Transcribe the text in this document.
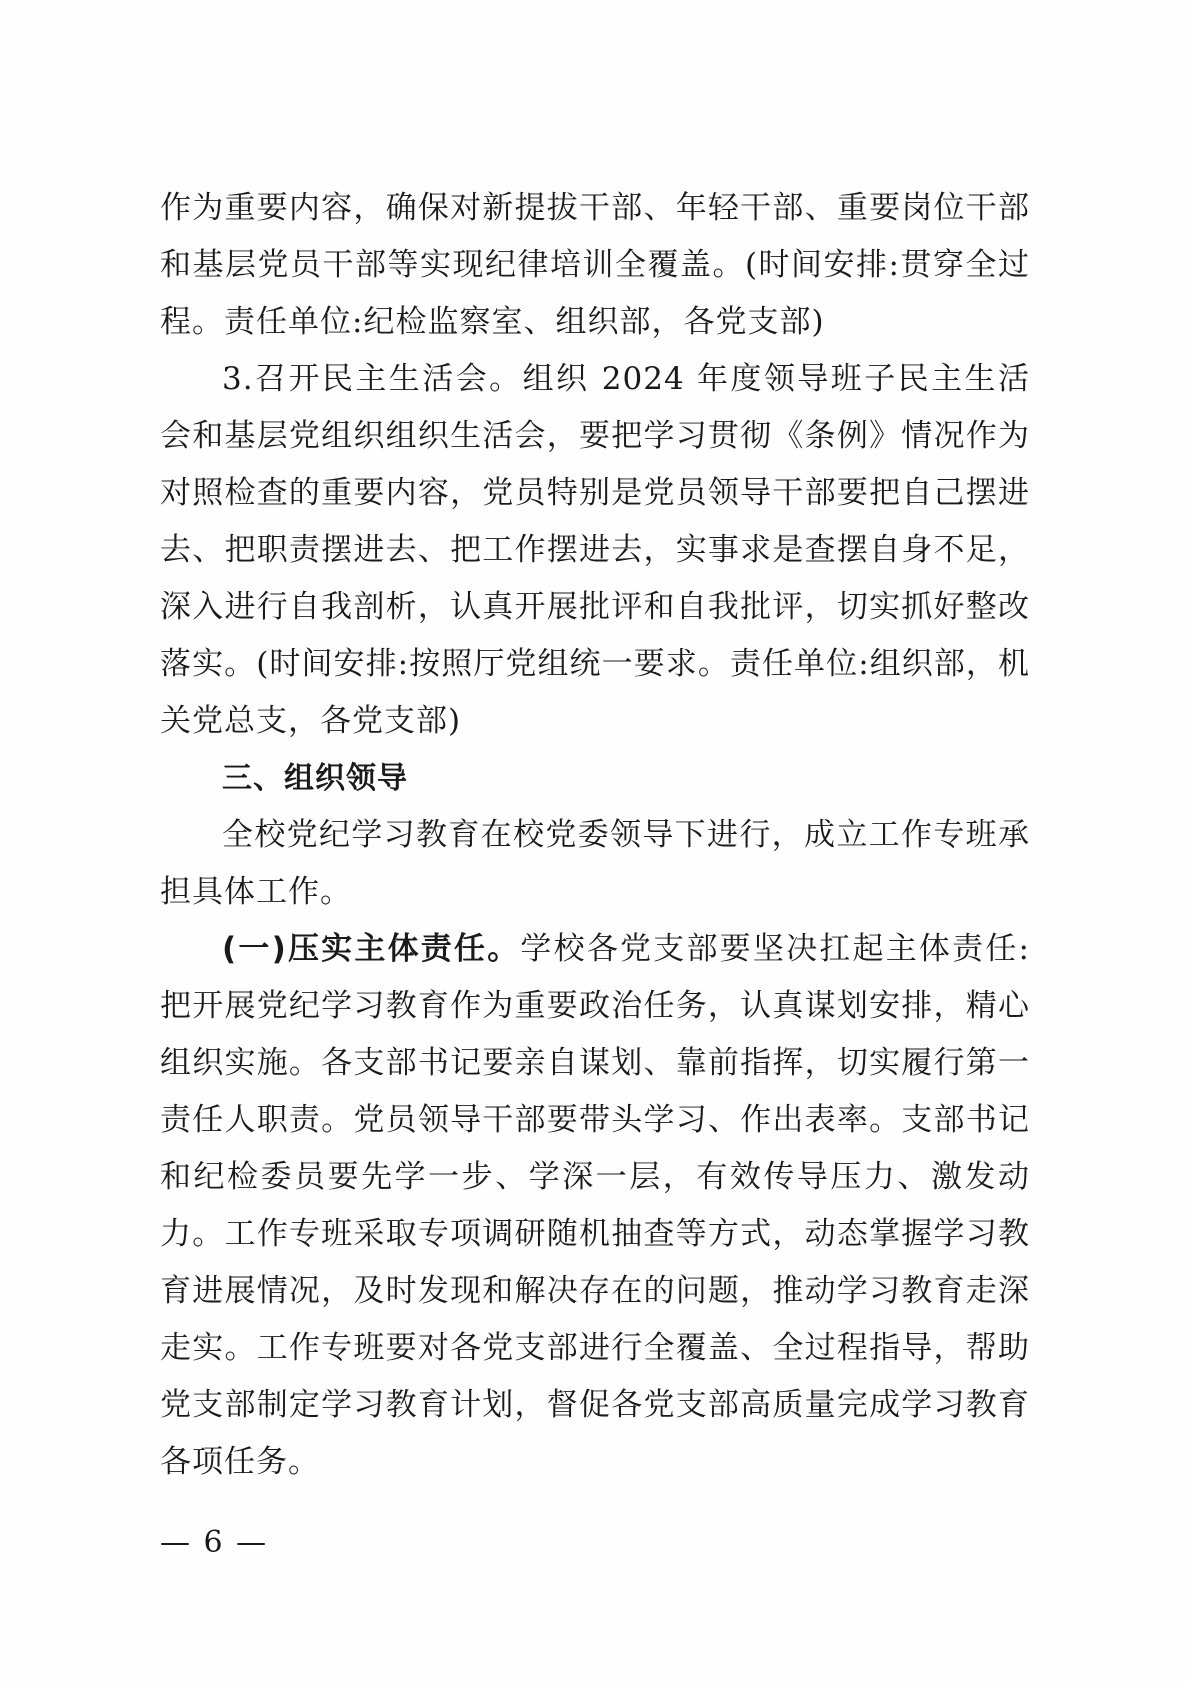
作为重要内容，确保对新提拔干部、年轻干部、重要岗位干部和基层党员干部等实现纪律培训全覆盖。(时间安排:贯穿全过程。责任单位:纪检监察室、组织部，各党支部)

3.召开民主生活会。组织 2024 年度领导班子民主生活会和基层党组织组织生活会，要把学习贯彻《条例》情况作为对照检查的重要内容，党员特别是党员领导干部要把自己摆进去、把职责摆进去、把工作摆进去，实事求是查摆自身不足，深入进行自我剖析，认真开展批评和自我批评，切实抓好整改落实。(时间安排:按照厅党组统一要求。责任单位:组织部，机关党总支，各党支部)

三、组织领导

全校党纪学习教育在校党委领导下进行，成立工作专班承担具体工作。

(一)压实主体责任。学校各党支部要坚决扛起主体责任:把开展党纪学习教育作为重要政治任务，认真谋划安排，精心组织实施。各支部书记要亲自谋划、靠前指挥，切实履行第一责任人职责。党员领导干部要带头学习、作出表率。支部书记和纪检委员要先学一步、学深一层，有效传导压力、激发动力。工作专班采取专项调研随机抽查等方式，动态掌握学习教育进展情况，及时发现和解决存在的问题，推动学习教育走深走实。工作专班要对各党支部进行全覆盖、全过程指导，帮助党支部制定学习教育计划，督促各党支部高质量完成学习教育各项任务。

— 6 —
